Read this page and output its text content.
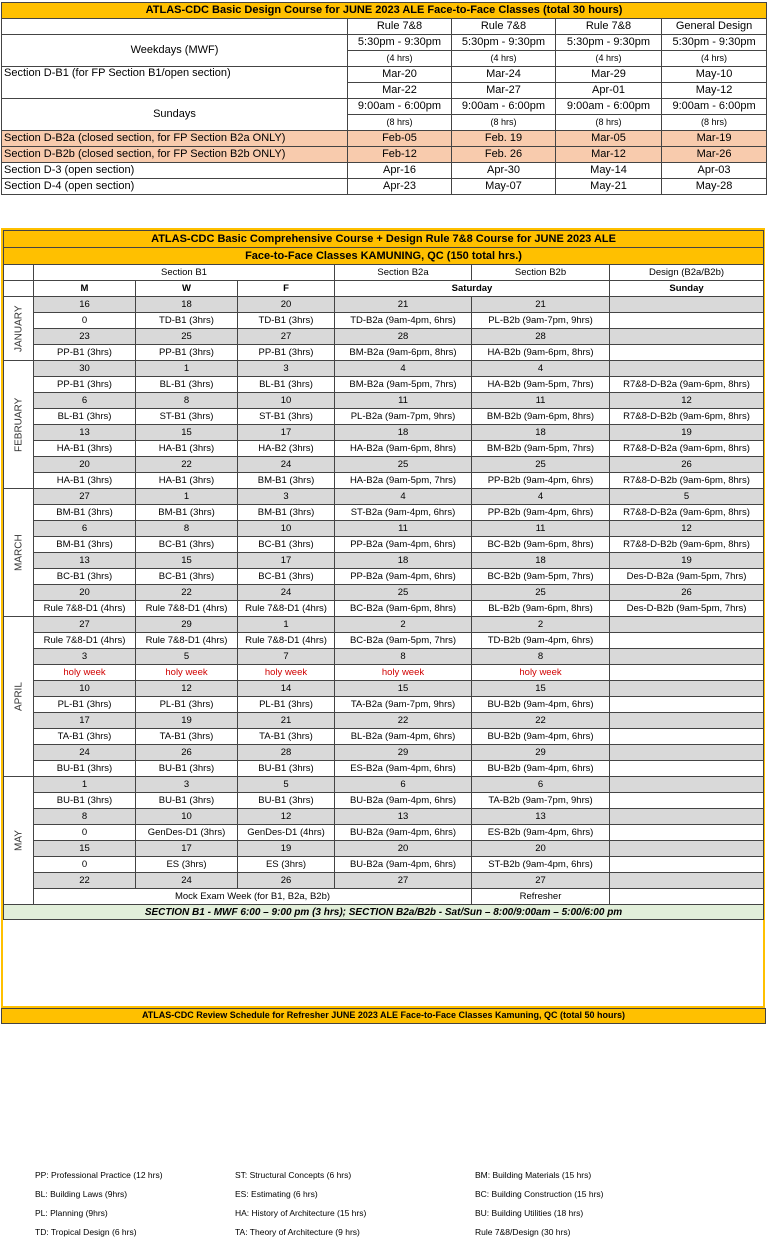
ATLAS-CDC Basic Design Course for JUNE 2023 ALE Face-to-Face Classes (total 30 hours)				
	Rule 7&8	Rule 7&8	Rule 7&8	General Design
Weekdays (MWF)	5:30pm - 9:30pm	5:30pm - 9:30pm	5:30pm - 9:30pm	5:30pm - 9:30pm
	(4 hrs)	(4 hrs)	(4 hrs)	(4 hrs)
Section D-B1 (for FP Section B1/open section)	Mar-20	Mar-24	Mar-29	May-10
	Mar-22	Mar-27	Apr-01	May-12
Sundays	9:00am - 6:00pm	9:00am - 6:00pm	9:00am - 6:00pm	9:00am - 6:00pm
	(8 hrs)	(8 hrs)	(8 hrs)	(8 hrs)
Section D-B2a (closed section, for FP Section B2a ONLY)	Feb-05	Feb. 19	Mar-05	Mar-19
Section D-B2b (closed section, for FP Section B2b ONLY)	Feb-12	Feb. 26	Mar-12	Mar-26
Section D-3 (open section)	Apr-16	Apr-30	May-14	Apr-03
Section D-4 (open section)	Apr-23	May-07	May-21	May-28
ATLAS-CDC Basic Comprehensive Course + Design Rule 7&8 Course for JUNE 2023 ALE						
Face-to-Face Classes KAMUNING, QC (150 total hrs.)						
	Section B1			Section B2a	Section B2b	Design (B2a/B2b)
	M	W	F	Saturday		Sunday
JANUARY	16	18	20	21	21	
	0	TD-B1 (3hrs)	TD-B1 (3hrs)	TD-B2a (9am-4pm, 6hrs)	PL-B2b (9am-7pm, 9hrs)	
	23	25	27	28	28	
	PP-B1 (3hrs)	PP-B1 (3hrs)	PP-B1 (3hrs)	BM-B2a (9am-6pm, 8hrs)	HA-B2b (9am-6pm, 8hrs)	
FEBRUARY	30	1	3	4	4	
	PP-B1 (3hrs)	BL-B1 (3hrs)	BL-B1 (3hrs)	BM-B2a (9am-5pm, 7hrs)	HA-B2b (9am-5pm, 7hrs)	R7&8-D-B2a (9am-6pm, 8hrs)
	6	8	10	11	11	12
	BL-B1 (3hrs)	ST-B1 (3hrs)	ST-B1 (3hrs)	PL-B2a (9am-7pm, 9hrs)	BM-B2b (9am-6pm, 8hrs)	R7&8-D-B2b (9am-6pm, 8hrs)
	13	15	17	18	18	19
	HA-B1 (3hrs)	HA-B1 (3hrs)	HA-B2 (3hrs)	HA-B2a (9am-6pm, 8hrs)	BM-B2b (9am-5pm, 7hrs)	R7&8-D-B2a (9am-6pm, 8hrs)
	20	22	24	25	25	26
	HA-B1 (3hrs)	HA-B1 (3hrs)	BM-B1 (3hrs)	HA-B2a (9am-5pm, 7hrs)	PP-B2b (9am-4pm, 6hrs)	R7&8-D-B2b (9am-6pm, 8hrs)
MARCH	27	1	3	4	4	5
	BM-B1 (3hrs)	BM-B1 (3hrs)	BM-B1 (3hrs)	ST-B2a (9am-4pm, 6hrs)	PP-B2b (9am-4pm, 6hrs)	R7&8-D-B2a (9am-6pm, 8hrs)
	6	8	10	11	11	12
	BM-B1 (3hrs)	BC-B1 (3hrs)	BC-B1 (3hrs)	PP-B2a (9am-4pm, 6hrs)	BC-B2b (9am-6pm, 8hrs)	R7&8-D-B2b (9am-6pm, 8hrs)
	13	15	17	18	18	19
	BC-B1 (3hrs)	BC-B1 (3hrs)	BC-B1 (3hrs)	PP-B2a (9am-4pm, 6hrs)	BC-B2b (9am-5pm, 7hrs)	Des-D-B2a (9am-5pm, 7hrs)
	20	22	24	25	25	26
	Rule 7&8-D1 (4hrs)	Rule 7&8-D1 (4hrs)	Rule 7&8-D1 (4hrs)	BC-B2a (9am-6pm, 8hrs)	BL-B2b (9am-6pm, 8hrs)	Des-D-B2b (9am-5pm, 7hrs)
APRIL	27	29	1	2	2	
	Rule 7&8-D1 (4hrs)	Rule 7&8-D1 (4hrs)	Rule 7&8-D1 (4hrs)	BC-B2a (9am-5pm, 7hrs)	TD-B2b (9am-4pm, 6hrs)	
	3	5	7	8	8	
	holy week	holy week	holy week	holy week	holy week	
	10	12	14	15	15	
	PL-B1 (3hrs)	PL-B1 (3hrs)	PL-B1 (3hrs)	TA-B2a (9am-7pm, 9hrs)	BU-B2b (9am-4pm, 6hrs)	
	17	19	21	22	22	
	TA-B1 (3hrs)	TA-B1 (3hrs)	TA-B1 (3hrs)	BL-B2a (9am-4pm, 6hrs)	BU-B2b (9am-4pm, 6hrs)	
	24	26	28	29	29	
	BU-B1 (3hrs)	BU-B1 (3hrs)	BU-B1 (3hrs)	ES-B2a (9am-4pm, 6hrs)	BU-B2b (9am-4pm, 6hrs)	
MAY	1	3	5	6	6	
	BU-B1 (3hrs)	BU-B1 (3hrs)	BU-B1 (3hrs)	BU-B2a (9am-4pm, 6hrs)	TA-B2b (9am-7pm, 9hrs)	
	8	10	12	13	13	
	0	GenDes-D1 (3hrs)	GenDes-D1 (4hrs)	BU-B2a (9am-4pm, 6hrs)	ES-B2b (9am-4pm, 6hrs)	
	15	17	19	20	20	
	0	ES (3hrs)	ES (3hrs)	BU-B2a (9am-4pm, 6hrs)	ST-B2b (9am-4pm, 6hrs)	
	22	24	26	27	27	
	Mock Exam Week (for B1, B2a, B2b)				Refresher	
SECTION B1 - MWF 6:00 – 9:00 pm (3 hrs); SECTION B2a/B2b - Sat/Sun – 8:00/9:00am – 5:00/6:00 pm						
PP: Professional Practice (12 hrs)
BL: Building Laws (9hrs)
PL: Planning (9hrs)
TD: Tropical Design (6 hrs)
ST: Structural Concepts (6 hrs)
ES: Estimating (6 hrs)
HA: History of Architecture (15 hrs)
TA: Theory of Architecture (9 hrs)
BM: Building Materials (15 hrs)
BC: Building Construction (15 hrs)
BU: Building Utilities (18 hrs)
Rule 7&8/Design (30 hrs)
ATLAS-CDC Review Schedule for Refresher JUNE 2023 ALE Face-to-Face Classes Kamuning, QC (total 50 hours)
